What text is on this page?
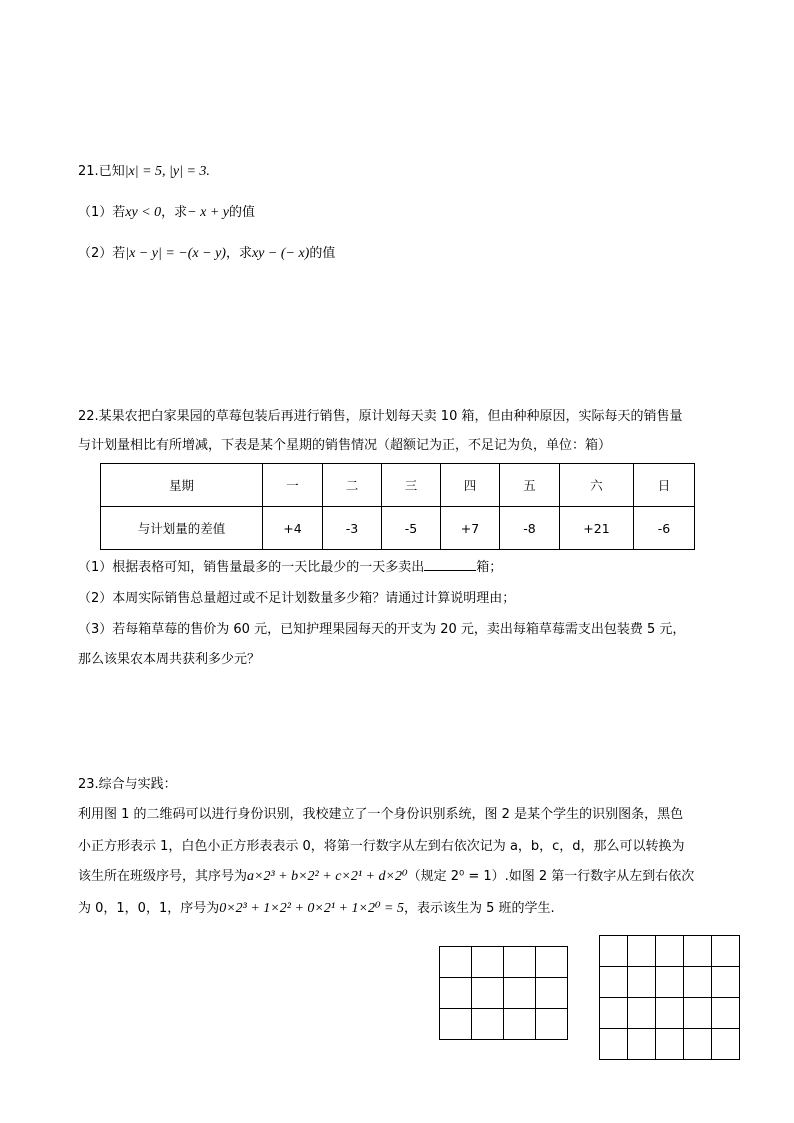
21.已知|x| = 5, |y| = 3.
（1）若xy < 0，求− x + y的值
（2）若|x − y| = −(x − y)，求xy − (− x)的值
22.某果农把白家果园的草莓包装后再进行销售，原计划每天卖 10 箱，但由种种原因，实际每天的销售量
与计划量相比有所增减，下表是某个星期的销售情况（超额记为正，不足记为负，单位：箱）
星期	一	二	三	四	五	六	日
与计划量的差值	+4	-3	-5	+7	-8	+21	-6
（1）根据表格可知，销售量最多的一天比最少的一天多卖出	箱；
（2）本周实际销售总量超过或不足计划数量多少箱？请通过计算说明理由；
（3）若每箱草莓的售价为 60 元，已知护理果园每天的开支为 20 元，卖出每箱草莓需支出包装费 5 元，
那么该果农本周共获利多少元？
23.综合与实践：
利用图 1 的二维码可以进行身份识别，我校建立了一个身份识别系统，图 2 是某个学生的识别图条，黑色
小正方形表示 1，白色小正方形表表示 0，将第一行数字从左到右依次记为 a，b，c，d，那么可以转换为
该生所在班级序号，其序号为a×2³ + b×2² + c×2¹ + d×2⁰（规定 2⁰ = 1）.如图 2 第一行数字从左到右依次
为 0，1，0，1，序号为0×2³ + 1×2² + 0×2¹ + 1×2⁰ = 5，表示该生为 5 班的学生.
